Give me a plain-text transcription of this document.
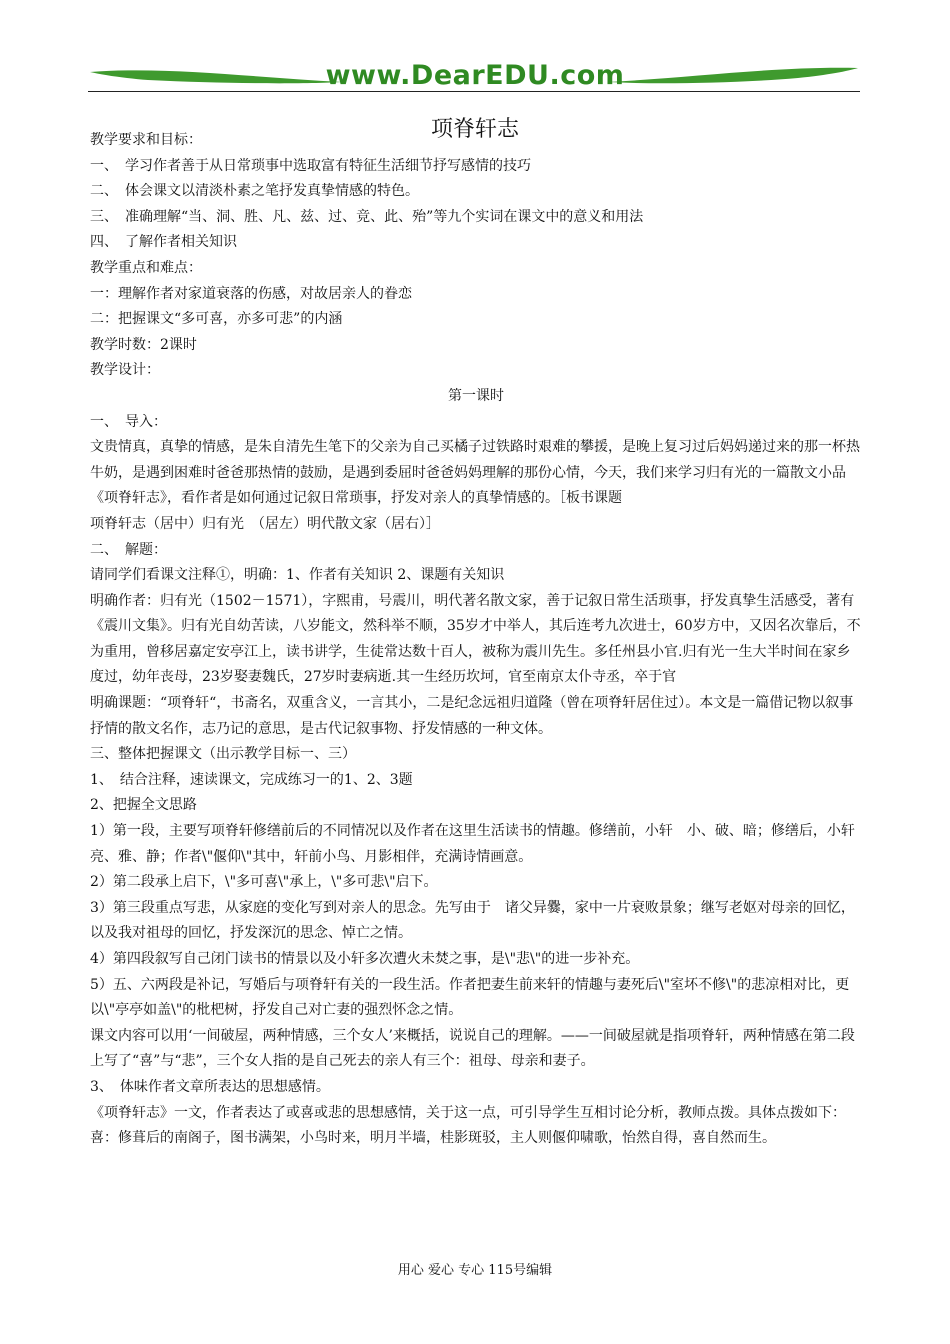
www.DearEDU.com
项脊轩志

教学要求和目标：

一、　学习作者善于从日常琐事中选取富有特征生活细节抒写感情的技巧

二、　体会课文以清淡朴素之笔抒发真挚情感的特色。

三、　准确理解“当、洞、胜、凡、兹、过、竞、此、殆”等九个实词在课文中的意义和用法

四、　了解作者相关知识

教学重点和难点：

一：理解作者对家道衰落的伤感，对故居亲人的眷恋

二：把握课文“多可喜，亦多可悲”的内涵

教学时数：2课时

教学设计：

第一课时

一、　导入：

文贵情真，真挚的情感，是朱自清先生笔下的父亲为自己买橘子过铁路时艰难的攀援，是晚上复习过后妈妈递过来的那一杯热牛奶，是遇到困难时爸爸那热情的鼓励，是遇到委屈时爸爸妈妈理解的那份心情，今天，我们来学习归有光的一篇散文小品《项脊轩志》，看作者是如何通过记叙日常琐事，抒发对亲人的真挚情感的。［板书课题

项脊轩志（居中）归有光　（居左）明代散文家（居右）］

二、　解题：

请同学们看课文注释①，明确：1、作者有关知识 2、课题有关知识

明确作者：归有光（1502－1571），字熙甫，号震川，明代著名散文家，善于记叙日常生活琐事，抒发真挚生活感受，著有《震川文集》。归有光自幼苦读，八岁能文，然科举不顺，35岁才中举人，其后连考九次进士，60岁方中，又因名次靠后，不为重用，曾移居嘉定安亭江上，读书讲学，生徒常达数十百人，被称为震川先生。多任州县小官.归有光一生大半时间在家乡度过，幼年丧母，23岁娶妻魏氏，27岁时妻病逝.其一生经历坎坷，官至南京太仆寺丞，卒于官

明确课题：“项脊轩“，书斋名，双重含义，一言其小，二是纪念远祖归道隆（曾在项脊轩居住过）。本文是一篇借记物以叙事抒情的散文名作，志乃记的意思，是古代记叙事物、抒发情感的一种文体。

三、整体把握课文（出示教学目标一、三）

1、　结合注释，速读课文，完成练习一的1、2、3题

2、把握全文思路

1）第一段，主要写项脊轩修缮前后的不同情况以及作者在这里生活读书的情趣。修缮前，小轩　小、破、暗；修缮后，小轩　亮、雅、静；作者\"偃仰\"其中，轩前小鸟、月影相伴，充满诗情画意。

2）第二段承上启下，\"多可喜\"承上，\"多可悲\"启下。

3）第三段重点写悲，从家庭的变化写到对亲人的思念。先写由于　诸父异爨，家中一片衰败景象；继写老妪对母亲的回忆，以及我对祖母的回忆，抒发深沉的思念、悼亡之情。

4）第四段叙写自己闭门读书的情景以及小轩多次遭火未焚之事，是\"悲\"的进一步补充。

5）五、六两段是补记，写婚后与项脊轩有关的一段生活。作者把妻生前来轩的情趣与妻死后\"室坏不修\"的悲凉相对比，更以\"亭亭如盖\"的枇杷树，抒发自己对亡妻的强烈怀念之情。

课文内容可以用‘一间破屋，两种情感，三个女人’来概括，说说自己的理解。——一间破屋就是指项脊轩，两种情感在第二段上写了“喜”与“悲”，三个女人指的是自己死去的亲人有三个：祖母、母亲和妻子。

3、　体味作者文章所表达的思想感情。

《项脊轩志》一文，作者表达了或喜或悲的思想感情，关于这一点，可引导学生互相讨论分析，教师点拨。具体点拨如下：

喜：修葺后的南阁子，图书满架，小鸟时来，明月半墙，桂影斑驳，主人则偃仰啸歌，怡然自得，喜自然而生。

用心 爱心 专心 115号编辑
